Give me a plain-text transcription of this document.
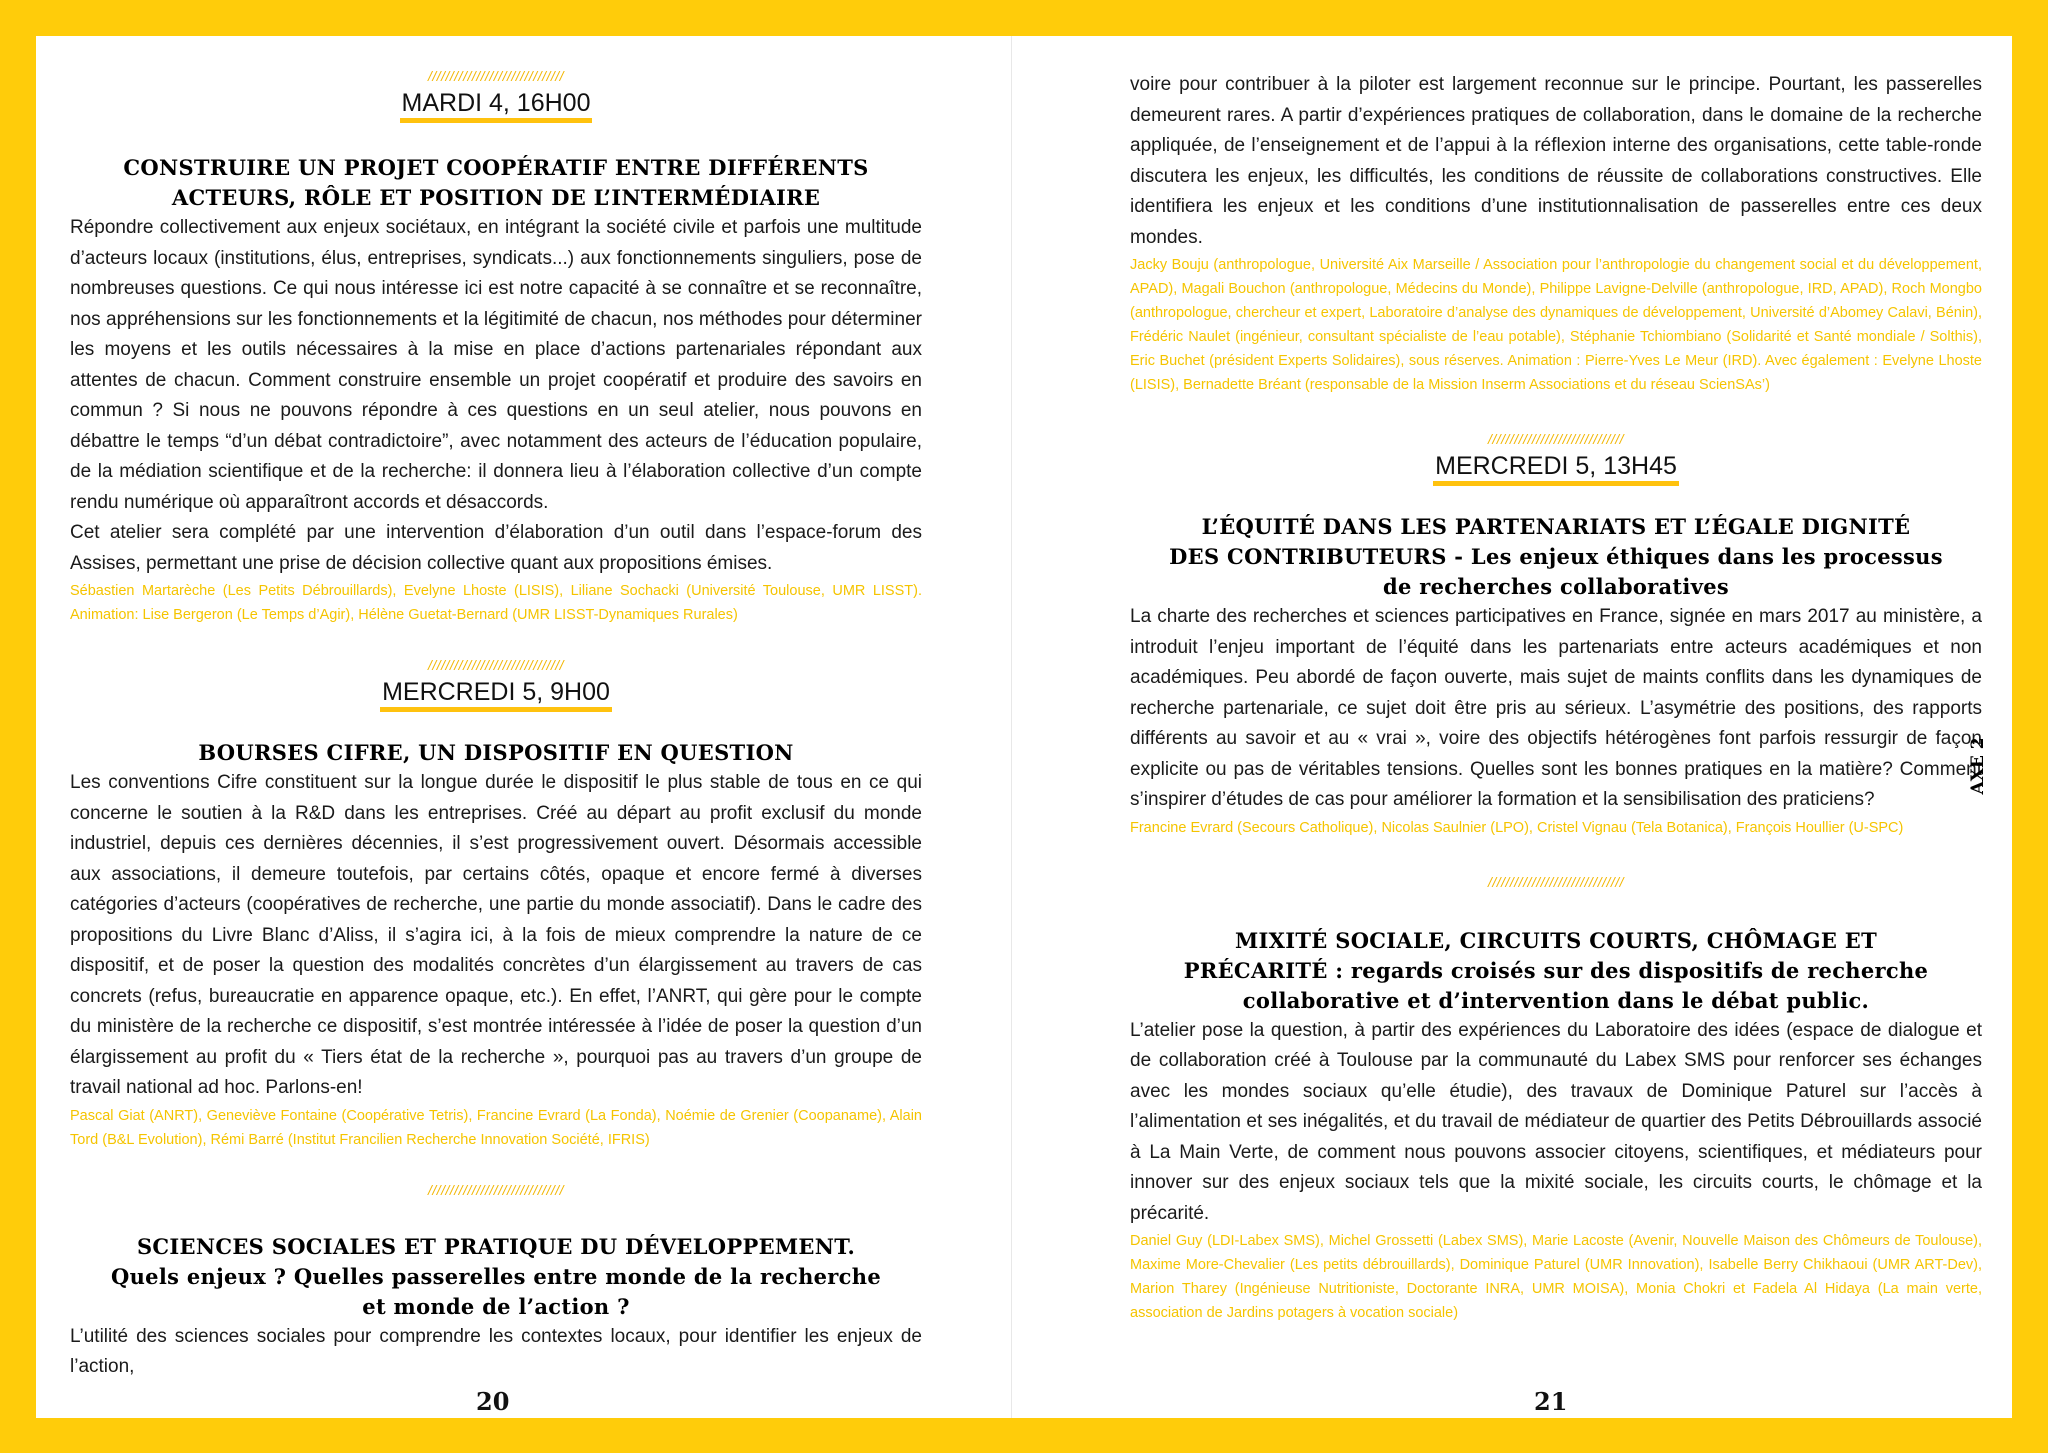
///////////////////////////////

MARDI 4, 16H00

CONSTRUIRE UN PROJET COOPÉRATIF ENTRE DIFFÉRENTS

ACTEURS, RÔLE ET POSITION DE L’INTERMÉDIAIRE

Répondre collectivement aux enjeux sociétaux, en intégrant la société civile et parfois une multitude d’acteurs locaux (institutions, élus, entreprises, syndicats...) aux fonctionnements singuliers, pose de nombreuses questions. Ce qui nous intéresse ici est notre capacité à se connaître et se reconnaître, nos appréhensions sur les fonctionnements et la légitimité de chacun, nos méthodes pour déterminer les moyens et les outils nécessaires à la mise en place d’actions partenariales répondant aux attentes de chacun. Comment construire ensemble un projet coopératif et produire des savoirs en commun ? Si nous ne pouvons répondre à ces questions en un seul atelier, nous pouvons en débattre le temps “d’un débat contradictoire”, avec notamment des acteurs de l’éducation populaire, de la médiation scientifique et de la recherche: il donnera lieu à l’élaboration collective d’un compte rendu numérique où apparaîtront accords et désaccords.

Cet atelier sera complété par une intervention d’élaboration d’un outil dans l’espace-forum des Assises, permettant une prise de décision collective quant aux propositions émises.

Sébastien Martarèche (Les Petits Débrouillards), Evelyne Lhoste (LISIS), Liliane Sochacki (Université Toulouse, UMR LISST). Animation: Lise Bergeron (Le Temps d’Agir), Hélène Guetat-Bernard (UMR LISST-Dynamiques Rurales)

///////////////////////////////

MERCREDI 5, 9H00

BOURSES CIFRE, UN DISPOSITIF EN QUESTION

Les conventions Cifre constituent sur la longue durée le dispositif le plus stable de tous en ce qui concerne le soutien à la R&D dans les entreprises. Créé au départ au profit exclusif du monde industriel, depuis ces dernières décennies, il s’est progressivement ouvert. Désormais accessible aux associations, il demeure toutefois, par certains côtés, opaque et encore fermé à diverses catégories d’acteurs (coopératives de recherche, une partie du monde associatif). Dans le cadre des propositions du Livre Blanc d’Aliss, il s’agira ici, à la fois de mieux comprendre la nature de ce dispositif, et de poser la question des modalités concrètes d’un élargissement au travers de cas concrets (refus, bureaucratie en apparence opaque, etc.). En effet, l’ANRT, qui gère pour le compte du ministère de la recherche ce dispositif, s’est montrée intéressée à l’idée de poser la question d’un élargissement au profit du « Tiers état de la recherche », pourquoi pas au travers d’un groupe de travail national ad hoc. Parlons-en!

Pascal Giat (ANRT), Geneviève Fontaine (Coopérative Tetris), Francine Evrard (La Fonda), Noémie de Grenier (Coopaname), Alain Tord (B&L Evolution), Rémi Barré (Institut Francilien Recherche Innovation Société, IFRIS)

///////////////////////////////

SCIENCES SOCIALES ET PRATIQUE DU DÉVELOPPEMENT.

Quels enjeux ? Quelles passerelles entre monde de la recherche

et monde de l’action ?

L’utilité des sciences sociales pour comprendre les contextes locaux, pour identifier les enjeux de l’action,

20

voire pour contribuer à la piloter est largement reconnue sur le principe. Pourtant, les passerelles demeurent rares. A partir d’expériences pratiques de collaboration, dans le domaine de la recherche appliquée, de l’enseignement et de l’appui à la réflexion interne des organisations, cette table-ronde discutera les enjeux, les difficultés, les conditions de réussite de collaborations constructives. Elle identifiera les enjeux et les conditions d’une institutionnalisation de passerelles entre ces deux mondes.

Jacky Bouju (anthropologue, Université Aix Marseille / Association pour l’anthropologie du changement social et du développement, APAD), Magali Bouchon (anthropologue, Médecins du Monde), Philippe Lavigne-Delville (anthropologue, IRD, APAD), Roch Mongbo (anthropologue, chercheur et expert, Laboratoire d’analyse des dynamiques de développement, Université d’Abomey Calavi, Bénin), Frédéric Naulet (ingénieur, consultant spécialiste de l’eau potable), Stéphanie Tchiombiano (Solidarité et Santé mondiale / Solthis), Eric Buchet (président Experts Solidaires), sous réserves. Animation : Pierre-Yves Le Meur (IRD). Avec également : Evelyne Lhoste (LISIS), Bernadette Bréant (responsable de la Mission Inserm Associations et du réseau ScienSAs’)

///////////////////////////////

MERCREDI 5, 13H45

L’ÉQUITÉ DANS LES PARTENARIATS ET L’ÉGALE DIGNITÉ

DES CONTRIBUTEURS - Les enjeux éthiques dans les processus

de recherches collaboratives

La charte des recherches et sciences participatives en France, signée en mars 2017 au ministère, a introduit l’enjeu important de l’équité dans les partenariats entre acteurs académiques et non académiques. Peu abordé de façon ouverte, mais sujet de maints conflits dans les dynamiques de recherche partenariale, ce sujet doit être pris au sérieux. L’asymétrie des positions, des rapports différents au savoir et au « vrai », voire des objectifs hétérogènes font parfois ressurgir de façon explicite ou pas de véritables tensions. Quelles sont les bonnes pratiques en la matière? Comment s’inspirer d’études de cas pour améliorer la formation et la sensibilisation des praticiens?

Francine Evrard (Secours Catholique), Nicolas Saulnier (LPO), Cristel Vignau (Tela Botanica), François Houllier (U-SPC)

///////////////////////////////

MIXITÉ SOCIALE, CIRCUITS COURTS, CHÔMAGE ET

PRÉCARITÉ : regards croisés sur des dispositifs de recherche

collaborative et d’intervention dans le débat public.

L’atelier pose la question, à partir des expériences du Laboratoire des idées (espace de dialogue et de collaboration créé à Toulouse par la communauté du Labex SMS pour renforcer ses échanges avec les mondes sociaux qu’elle étudie), des travaux de Dominique Paturel sur l’accès à l’alimentation et ses inégalités, et du travail de médiateur de quartier des Petits Débrouillards associé à La Main Verte, de comment nous pouvons associer citoyens, scientifiques, et médiateurs pour innover sur des enjeux sociaux tels que la mixité sociale, les circuits courts, le chômage et la précarité.

Daniel Guy (LDI-Labex SMS), Michel Grossetti (Labex SMS), Marie Lacoste (Avenir, Nouvelle Maison des Chômeurs de Toulouse), Maxime More-Chevalier (Les petits débrouillards), Dominique Paturel (UMR Innovation), Isabelle Berry Chikhaoui (UMR ART-Dev), Marion Tharey (Ingénieuse Nutritioniste, Doctorante INRA, UMR MOISA), Monia Chokri et Fadela Al Hidaya (La main verte, association de Jardins potagers à vocation sociale)

AXE 2
21
